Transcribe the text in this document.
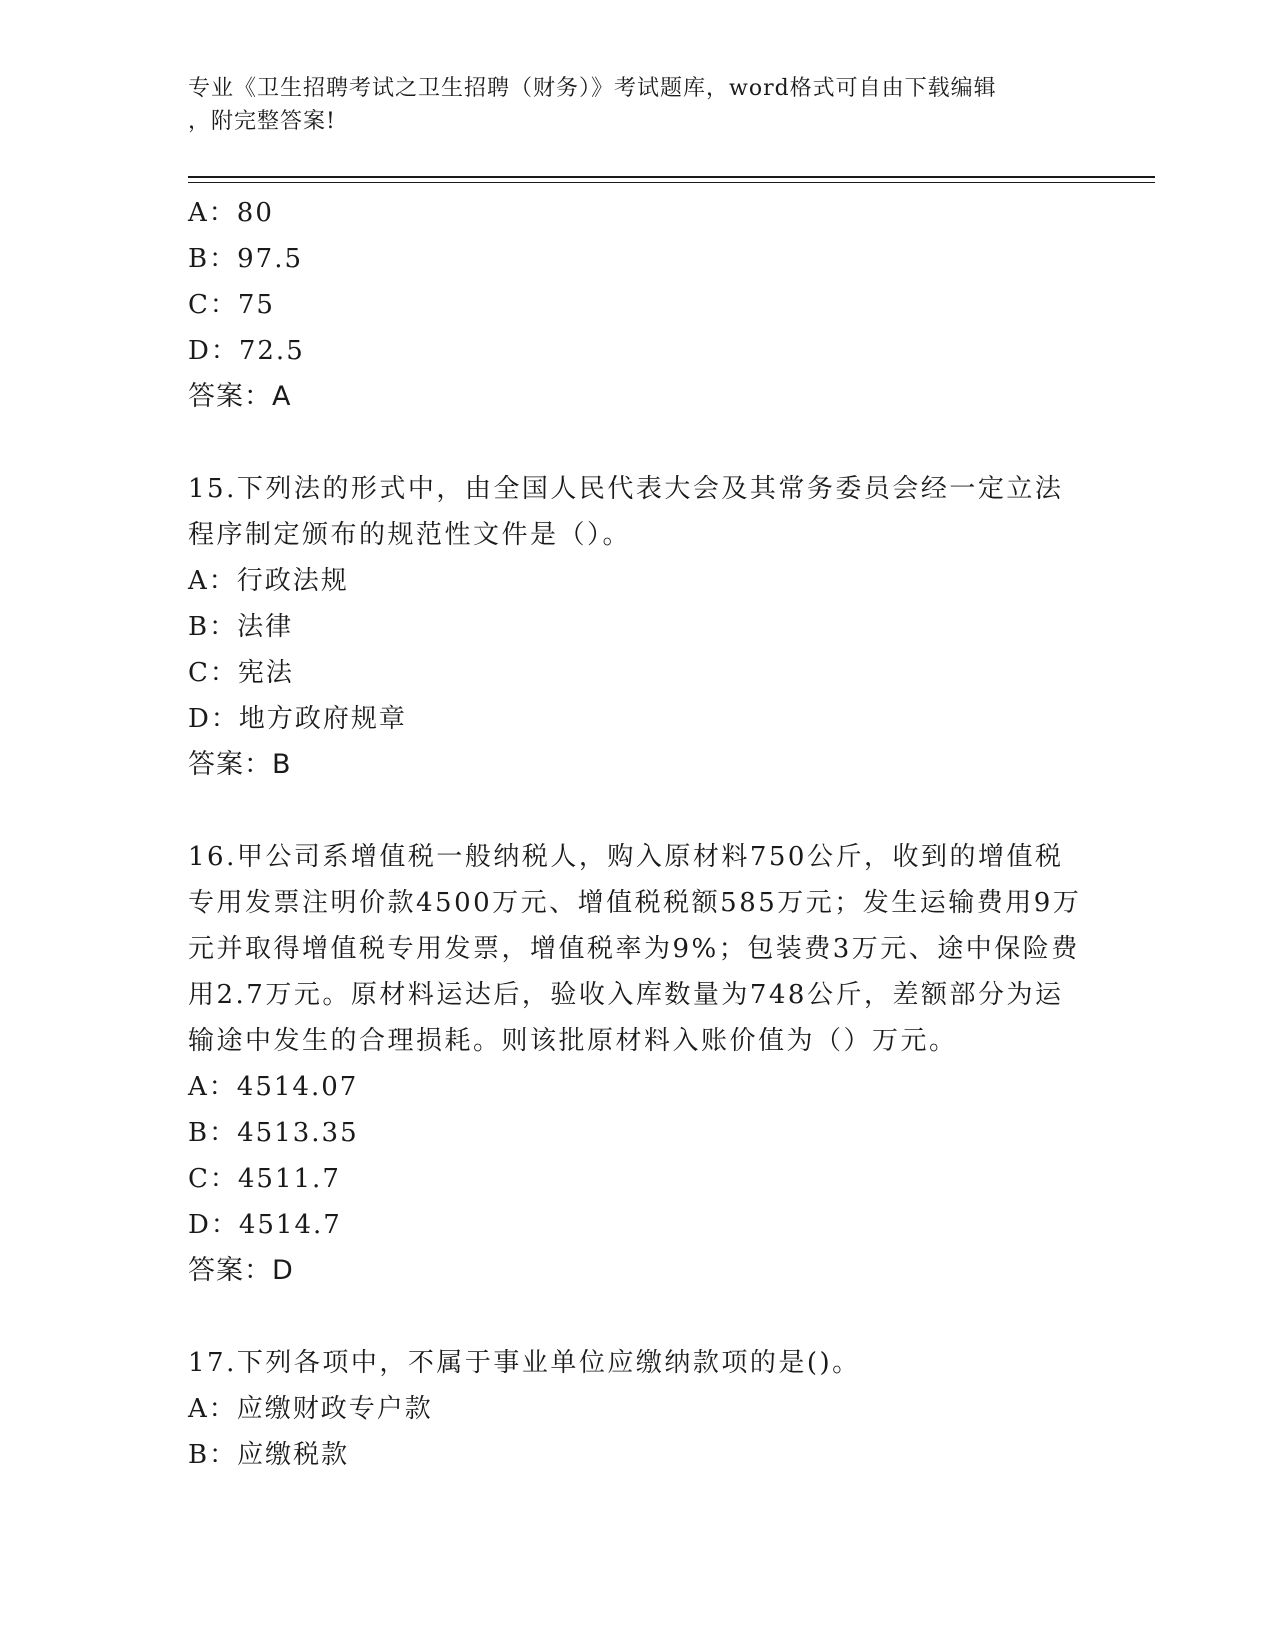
专业《卫生招聘考试之卫生招聘（财务）》考试题库，word格式可自由下载编辑
，附完整答案!
A：80
B：97.5
C：75
D：72.5
答案：A
15.下列法的形式中，由全国人民代表大会及其常务委员会经一定立法程序制定颁布的规范性文件是（）。
A：行政法规
B：法律
C：宪法
D：地方政府规章
答案：B
16.甲公司系增值税一般纳税人，购入原材料750公斤，收到的增值税专用发票注明价款4500万元、增值税税额585万元；发生运输费用9万元并取得增值税专用发票，增值税率为9%；包装费3万元、途中保险费用2.7万元。原材料运达后，验收入库数量为748公斤，差额部分为运输途中发生的合理损耗。则该批原材料入账价值为（）万元。
A：4514.07
B：4513.35
C：4511.7
D：4514.7
答案：D
17.下列各项中，不属于事业单位应缴纳款项的是()。
A：应缴财政专户款
B：应缴税款
